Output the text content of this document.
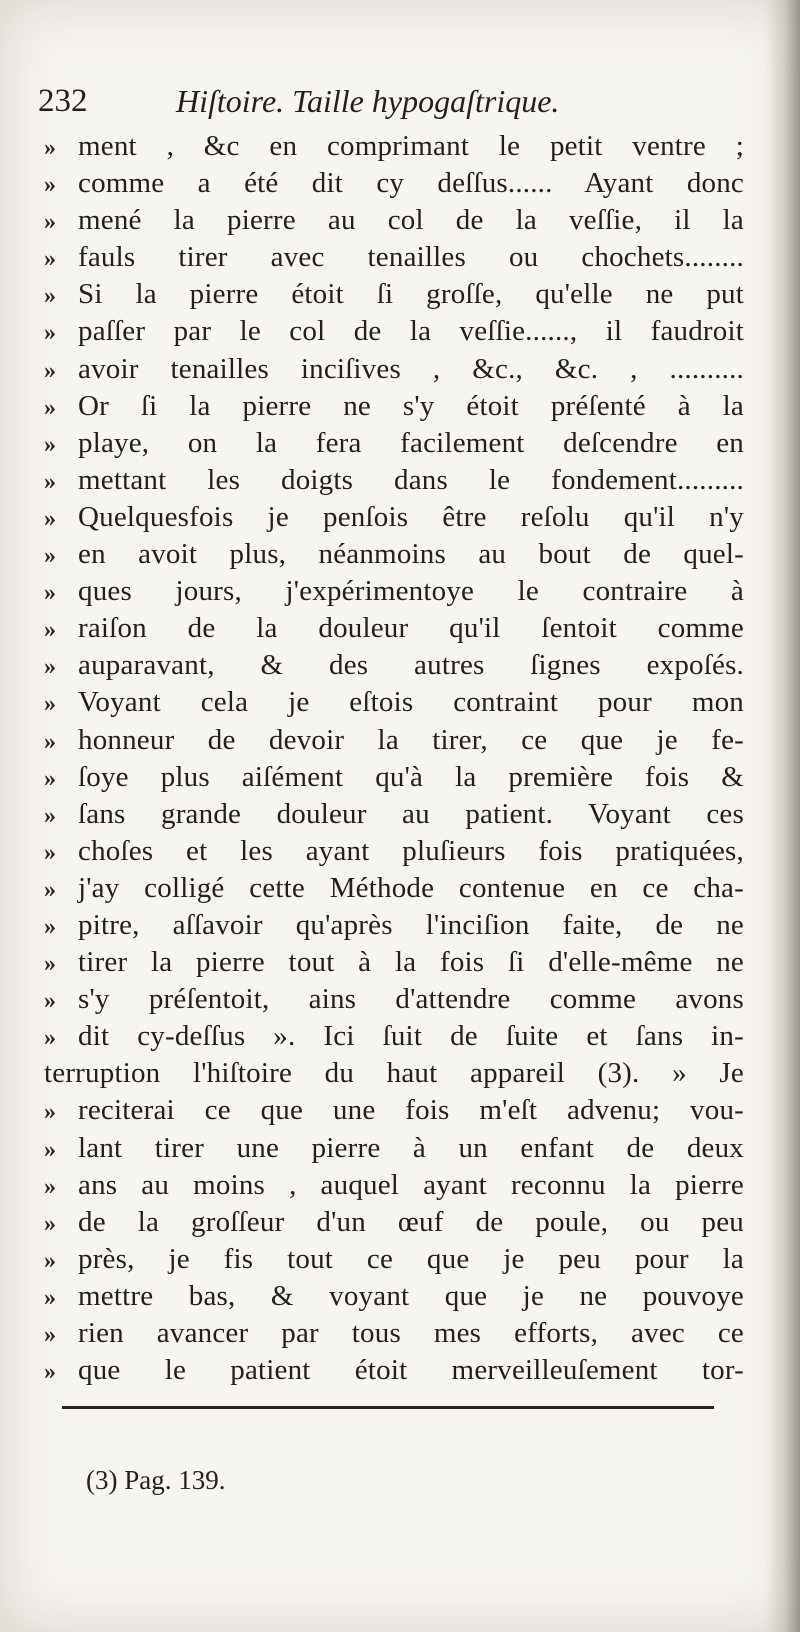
232	Hiſtoire. Taille hypogaſtrique.
» ment , &c en comprimant le petit ventre ;
» comme a été dit cy deſſus...... Ayant donc
» mené la pierre au col de la veſſie, il la
» fauls tirer avec tenailles ou chochets........
» Si la pierre étoit ſi groſſe, qu'elle ne put
» paſſer par le col de la veſſie......, il faudroit
» avoir tenailles inciſives , &c., &c. , ..........
» Or ſi la pierre ne s'y étoit préſenté à la
» playe, on la fera facilement deſcendre en
» mettant les doigts dans le fondement.........
» Quelquesfois je penſois être reſolu qu'il n'y
» en avoit plus, néanmoins au bout de quel-
» ques jours, j'expérimentoye le contraire à
» raiſon de la douleur qu'il ſentoit comme
» auparavant, & des autres ſignes expoſés.
» Voyant cela je eſtois contraint pour mon
» honneur de devoir la tirer, ce que je fe-
» ſoye plus aiſément qu'à la première fois &
» ſans grande douleur au patient. Voyant ces
» choſes et les ayant pluſieurs fois pratiquées,
» j'ay colligé cette Méthode contenue en ce cha-
» pitre, aſſavoir qu'après l'inciſion faite, de ne
» tirer la pierre tout à la fois ſi d'elle-même ne
» s'y préſentoit, ains d'attendre comme avons
» dit cy-deſſus ». Ici ſuit de ſuite et ſans in-
terruption l'hiſtoire du haut appareil (3). » Je
» reciterai ce que une fois m'eſt advenu; vou-
» lant tirer une pierre à un enfant de deux
» ans au moins , auquel ayant reconnu la pierre
» de la groſſeur d'un œuf de poule, ou peu
» près, je fis tout ce que je peu pour la
» mettre bas, & voyant que je ne pouvoye
» rien avancer par tous mes efforts, avec ce
» que le patient étoit merveilleuſement tor-
(3) Pag. 139.
